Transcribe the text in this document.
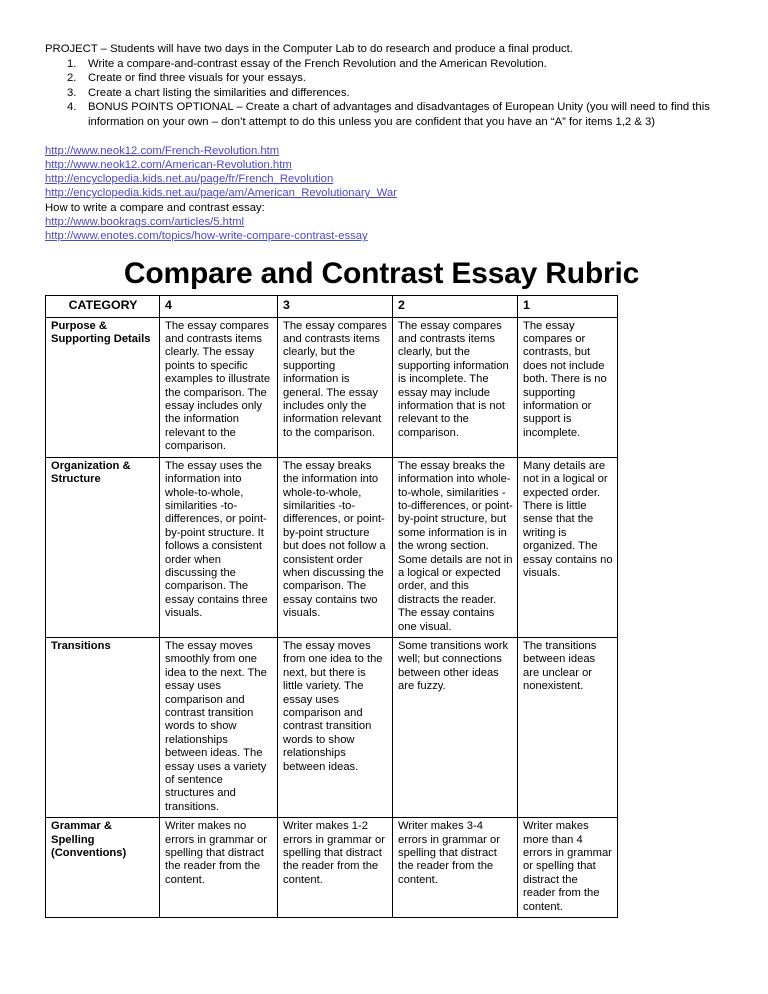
PROJECT – Students will have two days in the Computer Lab to do research and produce a final product.

1. Write a compare-and-contrast essay of the French Revolution and the American Revolution.
2. Create or find three visuals for your essays.
3. Create a chart listing the similarities and differences.
4. BONUS POINTS OPTIONAL – Create a chart of advantages and disadvantages of European Unity (you will need to find this information on your own – don’t attempt to do this unless you are confident that you have an “A” for items 1,2 & 3)
http://www.neok12.com/French-Revolution.htm
http://www.neok12.com/American-Revolution.htm
http://encyclopedia.kids.net.au/page/fr/French_Revolution
http://encyclopedia.kids.net.au/page/am/American_Revolutionary_War
How to write a compare and contrast essay:
http://www.bookrags.com/articles/5.html
http://www.enotes.com/topics/how-write-compare-contrast-essay
Compare and Contrast Essay Rubric
CATEGORY	4	3	2	1
Purpose & Supporting Details	The essay compares and contrasts items clearly. The essay points to specific examples to illustrate the comparison. The essay includes only the information relevant to the comparison.	The essay compares and contrasts items clearly, but the supporting information is general. The essay includes only the information relevant to the comparison.	The essay compares and contrasts items clearly, but the supporting information is incomplete. The essay may include information that is not relevant to the comparison.	The essay compares or contrasts, but does not include both. There is no supporting information or support is incomplete.
Organization & Structure	The essay uses the information into whole-to-whole, similarities -to-differences, or point-by-point structure. It follows a consistent order when discussing the comparison. The essay contains three visuals.	The essay breaks the information into whole-to-whole, similarities -to-differences, or point-by-point structure but does not follow a consistent order when discussing the comparison. The essay contains two visuals.	The essay breaks the information into whole-to-whole, similarities -to-differences, or point-by-point structure, but some information is in the wrong section. Some details are not in a logical or expected order, and this distracts the reader. The essay contains one visual.	Many details are not in a logical or expected order. There is little sense that the writing is organized. The essay contains no visuals.
Transitions	The essay moves smoothly from one idea to the next. The essay uses comparison and contrast transition words to show relationships between ideas. The essay uses a variety of sentence structures and transitions.	The essay moves from one idea to the next, but there is little variety. The essay uses comparison and contrast transition words to show relationships between ideas.	Some transitions work well; but connections between other ideas are fuzzy.	The transitions between ideas are unclear or nonexistent.
Grammar & Spelling (Conventions)	Writer makes no errors in grammar or spelling that distract the reader from the content.	Writer makes 1-2 errors in grammar or spelling that distract the reader from the content.	Writer makes 3-4 errors in grammar or spelling that distract the reader from the content.	Writer makes more than 4 errors in grammar or spelling that distract the reader from the content.
